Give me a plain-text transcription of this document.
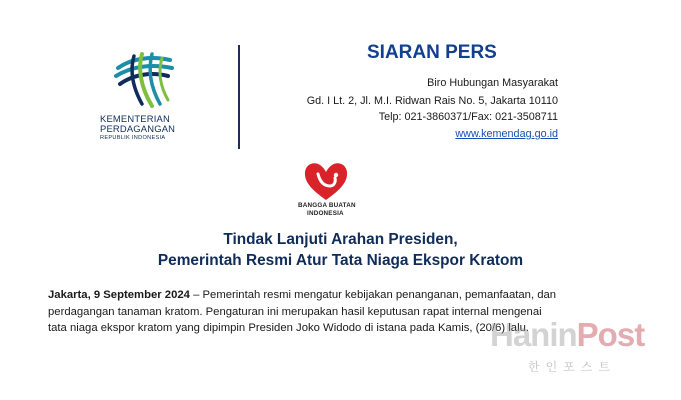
KEMENTERIAN
PERDAGANGAN
REPUBLIK INDONESIA
SIARAN PERS
Biro Hubungan Masyarakat
Gd. I Lt. 2, Jl. M.I. Ridwan Rais No. 5, Jakarta 10110
Telp: 021-3860371/Fax: 021-3508711
www.kemendag.go.id
BANGGA BUATAN
INDONESIA
Tindak Lanjuti Arahan Presiden,
Pemerintah Resmi Atur Tata Niaga Ekspor Kratom
Jakarta, 9 September 2024 – Pemerintah resmi mengatur kebijakan penanganan, pemanfaatan, dan
perdagangan tanaman kratom. Pengaturan ini merupakan hasil keputusan rapat internal mengenai
tata niaga ekspor kratom yang dipimpin Presiden Joko Widodo di istana pada Kamis, (20/6) lalu.
HaninPost
한인포스트
